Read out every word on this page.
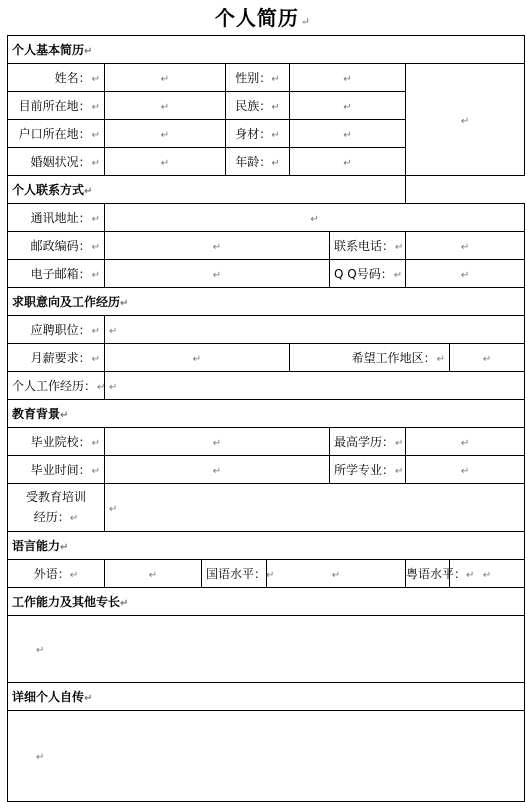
个人简历 ↵
个人基本简历↵								
姓名：↵	↵		性别：↵		↵		↵	
目前所在地：↵	↵		民族：↵		↵			
户口所在地：↵	↵		身材：↵		↵			
婚姻状况：↵	↵		年龄：↵		↵			
个人联系方式↵								
通讯地址：↵	↵							
邮政编码：↵	↵					联系电话：↵	↵	
电子邮箱：↵	↵					Q Q号码：↵	↵	
求职意向及工作经历↵								
应聘职位：↵	↵							
月薪要求：↵	↵				希望工作地区：↵			↵
个人工作经历：↵	↵							
教育背景↵								
毕业院校：↵	↵					最高学历：↵	↵	
毕业时间：↵	↵					所学专业：↵	↵	
受教育培训
经历：↵	↵							
语言能力↵								
外语：↵	↵	国语水平：↵		↵			粤语水平：↵	↵
工作能力及其他专长↵								
↵								
详细个人自传↵								
↵								
